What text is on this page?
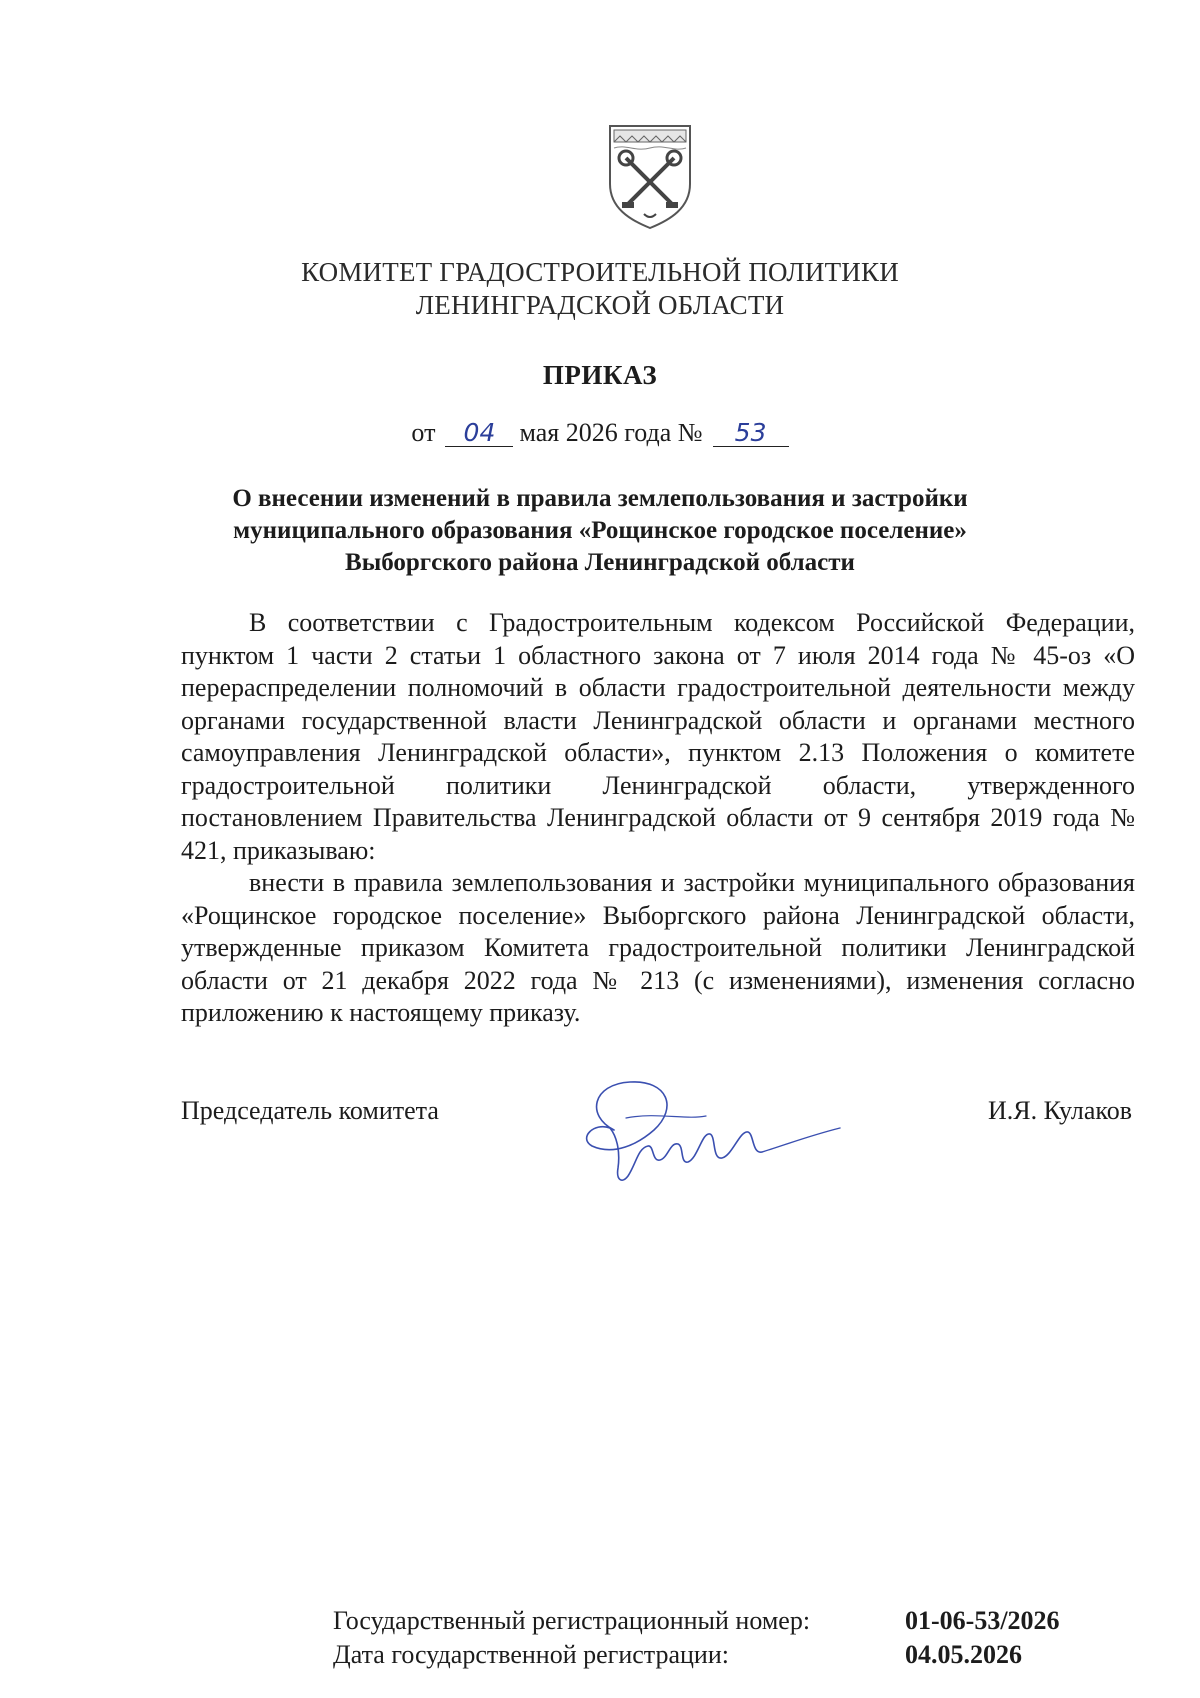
КОМИТЕТ ГРАДОСТРОИТЕЛЬНОЙ ПОЛИТИКИ
ЛЕНИНГРАДСКОЙ ОБЛАСТИ
ПРИКАЗ
от 04 мая 2026 года № 53
О внесении изменений в правила землепользования и застройки
муниципального образования «Рощинское городское поселение»
Выборгского района Ленинградской области

В соответствии с Градостроительным кодексом Российской Федерации, пунктом 1 части 2 статьи 1 областного закона от 7 июля 2014 года № 45-оз «О перераспределении полномочий в области градостроительной деятельности между органами государственной власти Ленинградской области и органами местного самоуправления Ленинградской области», пунктом 2.13 Положения о комитете градостроительной политики Ленинградской области, утвержденного постановлением Правительства Ленинградской области от 9 сентября 2019 года № 421, приказываю:

внести в правила землепользования и застройки муниципального образования «Рощинское городское поселение» Выборгского района Ленинградской области, утвержденные приказом Комитета градостроительной политики Ленинградской области от 21 декабря 2022 года № 213 (с изменениями), изменения согласно приложению к настоящему приказу.

Председатель комитета	И.Я. Кулаков
Государственный регистрационный номер:	01-06-53/2026
Дата государственной регистрации:	04.05.2026
